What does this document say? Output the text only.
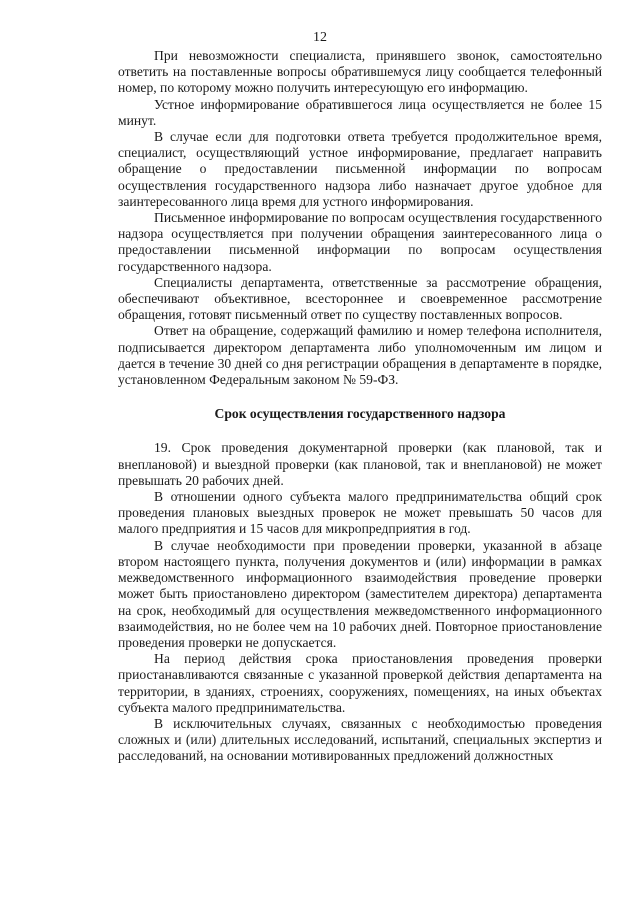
12

При невозможности специалиста, принявшего звонок, самостоятельно ответить на поставленные вопросы обратившемуся лицу сообщается телефонный номер, по которому можно получить интересующую его информацию.

Устное информирование обратившегося лица осуществляется не более 15 минут.

В случае если для подготовки ответа требуется продолжительное время, специалист, осуществляющий устное информирование, предлагает направить обращение о предоставлении письменной информации по вопросам осуществления государственного надзора либо назначает другое удобное для заинтересованного лица время для устного информирования.

Письменное информирование по вопросам осуществления государственного надзора осуществляется при получении обращения заинтересованного лица о предоставлении письменной информации по вопросам осуществления государственного надзора.

Специалисты департамента, ответственные за рассмотрение обращения, обеспечивают объективное, всестороннее и своевременное рассмотрение обращения, готовят письменный ответ по существу поставленных вопросов.

Ответ на обращение, содержащий фамилию и номер телефона исполнителя, подписывается директором департамента либо уполномоченным им лицом и дается в течение 30 дней со дня регистрации обращения в департаменте в порядке, установленном Федеральным законом № 59-ФЗ.

Срок осуществления государственного надзора

19. Срок проведения документарной проверки (как плановой, так и внеплановой) и выездной проверки (как плановой, так и внеплановой) не может превышать 20 рабочих дней.

В отношении одного субъекта малого предпринимательства общий срок проведения плановых выездных проверок не может превышать 50 часов для малого предприятия и 15 часов для микропредприятия в год.

В случае необходимости при проведении проверки, указанной в абзаце втором настоящего пункта, получения документов и (или) информации в рамках межведомственного информационного взаимодействия проведение проверки может быть приостановлено директором (заместителем директора) департамента на срок, необходимый для осуществления межведомственного информационного взаимодействия, но не более чем на 10 рабочих дней. Повторное приостановление проведения проверки не допускается.

На период действия срока приостановления проведения проверки приостанавливаются связанные с указанной проверкой действия департамента на территории, в зданиях, строениях, сооружениях, помещениях, на иных объектах субъекта малого предпринимательства.

В исключительных случаях, связанных с необходимостью проведения сложных и (или) длительных исследований, испытаний, специальных экспертиз и расследований, на основании мотивированных предложений должностных
